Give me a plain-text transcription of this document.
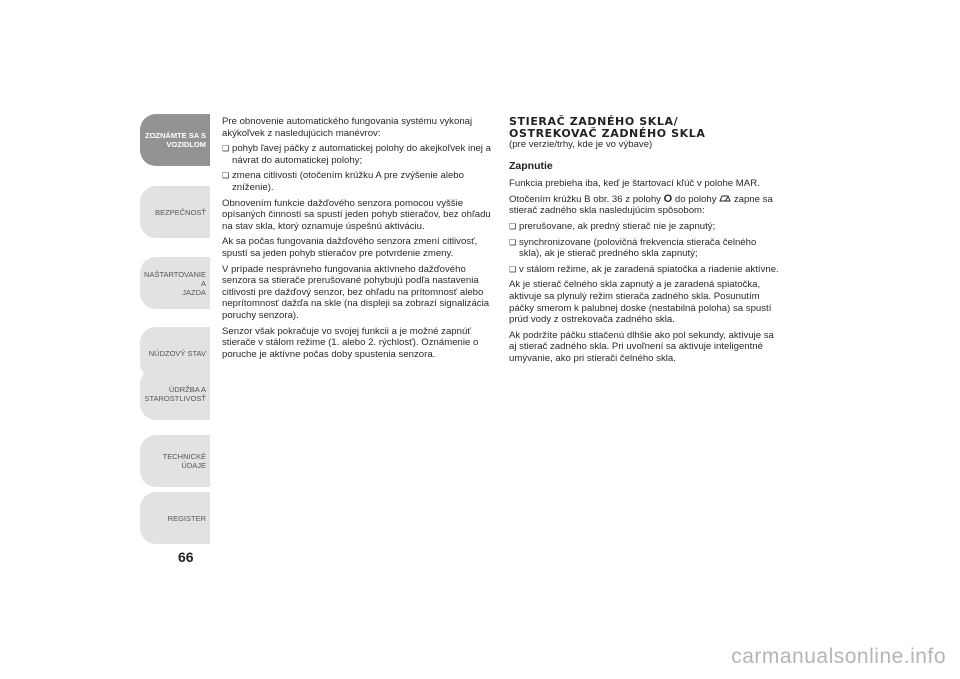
ZOZNÁMTE SA S
VOZIDLOM
BEZPEČNOSŤ
NAŠTARTOVANIE A
JAZDA
NÚDZOVÝ STAV
ÚDRŽBA A
STAROSTLIVOSŤ
TECHNICKÉ ÚDAJE
REGISTER
66

Pre obnovenie automatického fungovania systému vykonaj akýkoľvek z nasledujúcich manévrov:

❏ pohyb ľavej páčky z automatickej polohy do akejkoľvek inej a návrat do automatickej polohy;
❏ zmena citlivosti (otočením krúžku A pre zvýšenie alebo zníženie).

Obnovením funkcie dažďového senzora pomocou vyššie opísaných činností sa spustí jeden pohyb stieračov, bez ohľadu na stav skla, ktorý oznamuje úspešnú aktiváciu.

Ak sa počas fungovania dažďového senzora zmení citlivosť, spustí sa jeden pohyb stieračov pre potvrdenie zmeny.

V prípade nesprávneho fungovania aktívneho dažďového senzora sa stierače prerušované pohybujú podľa nastavenia citlivosti pre dažďový senzor, bez ohľadu na prítomnosť alebo neprítomnosť dažďa na skle (na displeji sa zobrazí signalizácia poruchy senzora).

Senzor však pokračuje vo svojej funkcii a je možné zapnúť stierače v stálom režime (1. alebo 2. rýchlosť). Oznámenie o poruche je aktívne počas doby spustenia senzora.

STIERAČ ZADNÉHO SKLA/
OSTREKOVAČ ZADNÉHO SKLA

(pre verzie/trhy, kde je vo výbave)

Zapnutie

Funkcia prebieha iba, keď je štartovací kľúč v polohe MAR.

Otočením krúžku B obr. 36 z polohy O do polohy zapne sa stierač zadného skla nasledujúcim spôsobom:

❏ prerušovane, ak predný stierač nie je zapnutý;
❏ synchronizovane (polovičná frekvencia stierača čelného skla), ak je stierač predného skla zapnutý;
❏ v stálom režime, ak je zaradená spiatočka a riadenie aktívne.

Ak je stierač čelného skla zapnutý a je zaradená spiatočka, aktivuje sa plynulý režim stierača zadného skla. Posunutím páčky smerom k palubnej doske (nestabilná poloha) sa spustí prúd vody z ostrekovača zadného skla.

Ak podržíte páčku stlačenú dlhšie ako pol sekundy, aktivuje sa aj stierač zadného skla. Pri uvoľnení sa aktivuje inteligentné umývanie, ako pri stierači čelného skla.

carmanualsonline.info
